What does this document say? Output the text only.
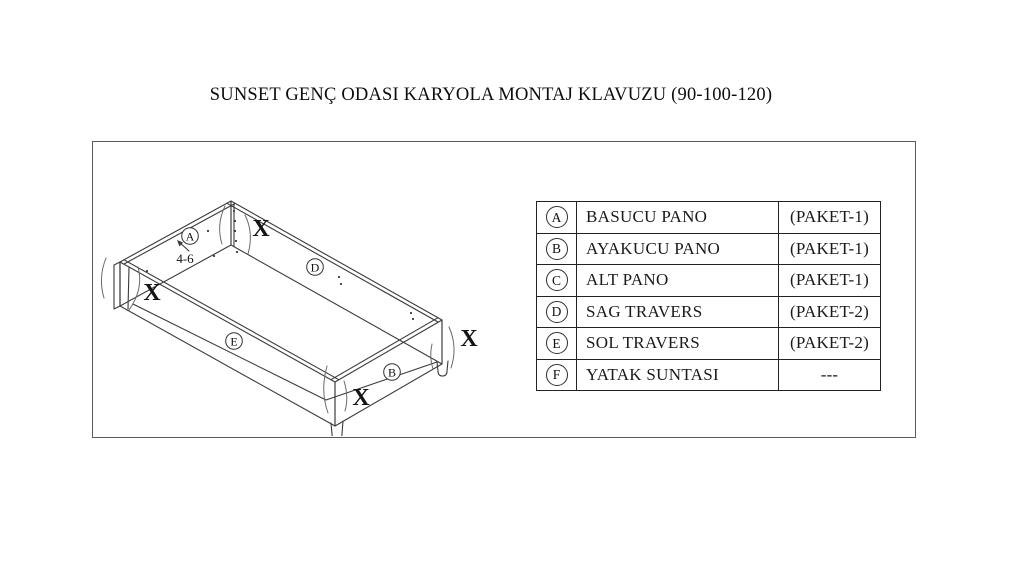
SUNSET GENÇ ODASI KARYOLA MONTAJ KLAVUZU (90-100-120)
A
D
E
B
X
X
X
X
4-6
A	BASUCU PANO	(PAKET-1)
B	AYAKUCU PANO	(PAKET-1)
C	ALT PANO	(PAKET-1)
D	SAG TRAVERS	(PAKET-2)
E	SOL TRAVERS	(PAKET-2)
F	YATAK SUNTASI	---
